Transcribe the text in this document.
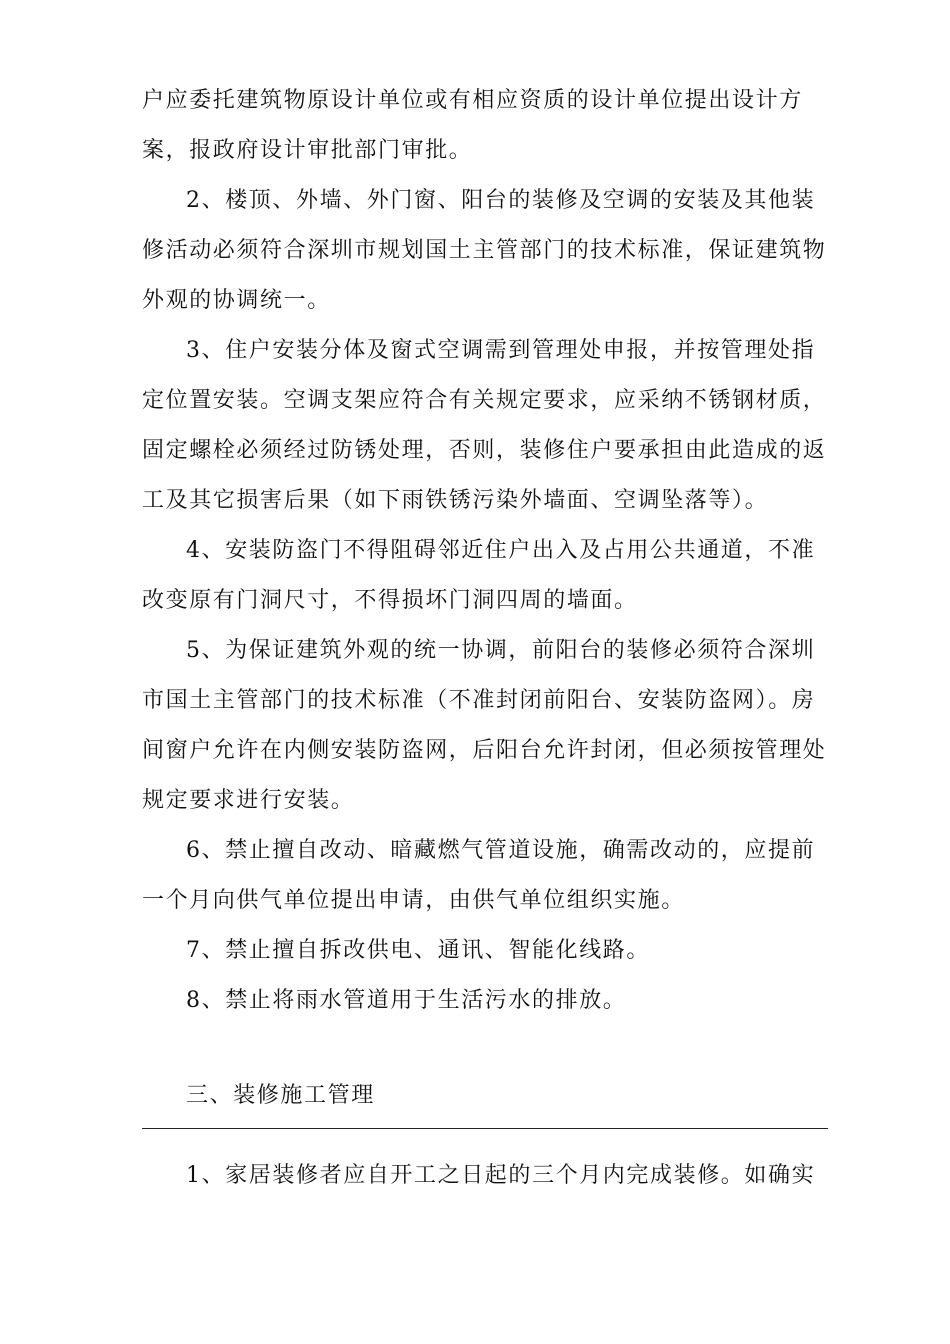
户应委托建筑物原设计单位或有相应资质的设计单位提出设计方
案，报政府设计审批部门审批。
2、楼顶、外墙、外门窗、阳台的装修及空调的安装及其他装
修活动必须符合深圳市规划国土主管部门的技术标准，保证建筑物
外观的协调统一。
3、住户安装分体及窗式空调需到管理处申报，并按管理处指
定位置安装。空调支架应符合有关规定要求，应采纳不锈钢材质，
固定螺栓必须经过防锈处理，否则，装修住户要承担由此造成的返
工及其它损害后果（如下雨铁锈污染外墙面、空调坠落等）。
4、安装防盗门不得阻碍邻近住户出入及占用公共通道，不准
改变原有门洞尺寸，不得损坏门洞四周的墙面。
5、为保证建筑外观的统一协调，前阳台的装修必须符合深圳
市国土主管部门的技术标准（不准封闭前阳台、安装防盗网）。房
间窗户允许在内侧安装防盗网，后阳台允许封闭，但必须按管理处
规定要求进行安装。
6、禁止擅自改动、暗藏燃气管道设施，确需改动的，应提前
一个月向供气单位提出申请，由供气单位组织实施。
7、禁止擅自拆改供电、通讯、智能化线路。
8、禁止将雨水管道用于生活污水的排放。
三、装修施工管理
1、家居装修者应自开工之日起的三个月内完成装修。如确实
